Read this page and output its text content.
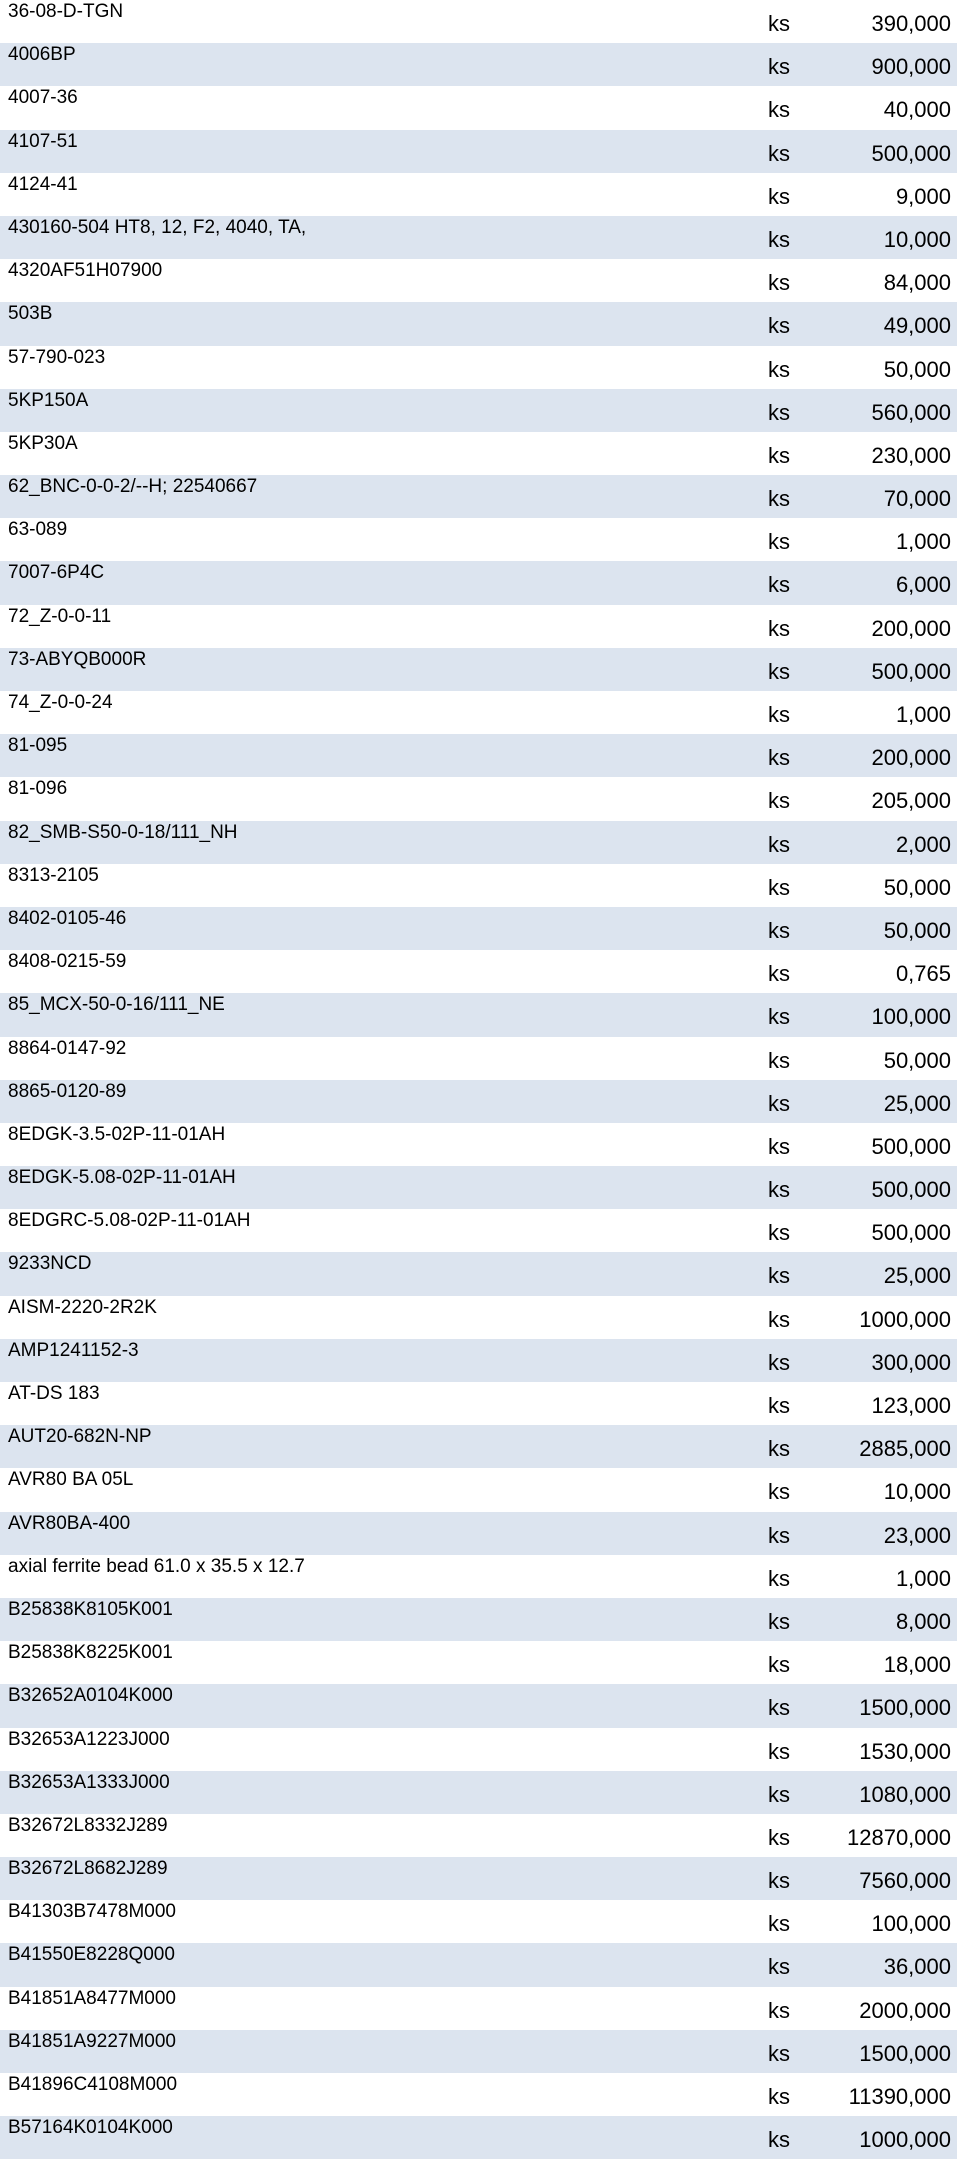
36-08-D-TGN	ks	390,000
4006BP	ks	900,000
4007-36	ks	40,000
4107-51	ks	500,000
4124-41	ks	9,000
430160-504 HT8, 12, F2, 4040, TA,	ks	10,000
4320AF51H07900	ks	84,000
503B	ks	49,000
57-790-023	ks	50,000
5KP150A	ks	560,000
5KP30A	ks	230,000
62_BNC-0-0-2/--H; 22540667	ks	70,000
63-089	ks	1,000
7007-6P4C	ks	6,000
72_Z-0-0-11	ks	200,000
73-ABYQB000R	ks	500,000
74_Z-0-0-24	ks	1,000
81-095	ks	200,000
81-096	ks	205,000
82_SMB-S50-0-18/111_NH	ks	2,000
8313-2105	ks	50,000
8402-0105-46	ks	50,000
8408-0215-59	ks	0,765
85_MCX-50-0-16/111_NE	ks	100,000
8864-0147-92	ks	50,000
8865-0120-89	ks	25,000
8EDGK-3.5-02P-11-01AH	ks	500,000
8EDGK-5.08-02P-11-01AH	ks	500,000
8EDGRC-5.08-02P-11-01AH	ks	500,000
9233NCD	ks	25,000
AISM-2220-2R2K	ks	1000,000
AMP1241152-3	ks	300,000
AT-DS 183	ks	123,000
AUT20-682N-NP	ks	2885,000
AVR80 BA 05L	ks	10,000
AVR80BA-400	ks	23,000
axial ferrite bead 61.0 x 35.5 x 12.7	ks	1,000
B25838K8105K001	ks	8,000
B25838K8225K001	ks	18,000
B32652A0104K000	ks	1500,000
B32653A1223J000	ks	1530,000
B32653A1333J000	ks	1080,000
B32672L8332J289	ks	12870,000
B32672L8682J289	ks	7560,000
B41303B7478M000	ks	100,000
B41550E8228Q000	ks	36,000
B41851A8477M000	ks	2000,000
B41851A9227M000	ks	1500,000
B41896C4108M000	ks	11390,000
B57164K0104K000	ks	1000,000
